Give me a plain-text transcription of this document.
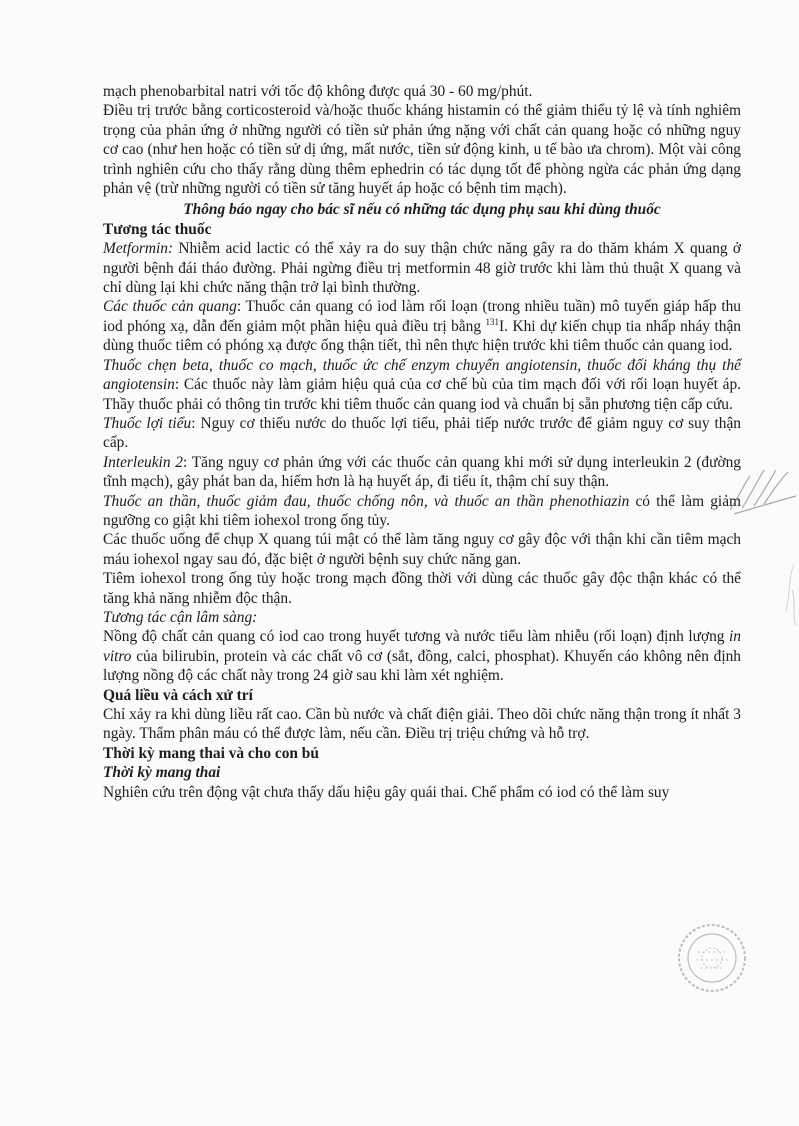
mạch phenobarbital natri với tốc độ không được quá 30 - 60 mg/phút.

Điều trị trước bằng corticosteroid và/hoặc thuốc kháng histamin có thể giảm thiểu tỷ lệ và tính nghiêm trọng của phản ứng ở những người có tiền sử phản ứng nặng với chất cản quang hoặc có những nguy cơ cao (như hen hoặc có tiền sử dị ứng, mất nước, tiền sử động kinh, u tế bào ưa chrom). Một vài công trình nghiên cứu cho thấy rằng dùng thêm ephedrin có tác dụng tốt để phòng ngừa các phản ứng dạng phản vệ (trừ những người có tiền sử tăng huyết áp hoặc có bệnh tim mạch).

Thông báo ngay cho bác sĩ nếu có những tác dụng phụ sau khi dùng thuốc

Tương tác thuốc

Metformin: Nhiễm acid lactic có thể xảy ra do suy thận chức năng gây ra do thăm khám X quang ở người bệnh đái tháo đường. Phải ngừng điều trị metformin 48 giờ trước khi làm thủ thuật X quang và chỉ dùng lại khi chức năng thận trở lại bình thường.

Các thuốc cản quang: Thuốc cản quang có iod làm rối loạn (trong nhiều tuần) mô tuyến giáp hấp thu iod phóng xạ, dẫn đến giảm một phần hiệu quả điều trị bằng $^{131}$I. Khi dự kiến chụp tia nhấp nháy thận dùng thuốc tiêm có phóng xạ được ống thận tiết, thì nên thực hiện trước khi tiêm thuốc cản quang iod.

Thuốc chẹn beta, thuốc co mạch, thuốc ức chế enzym chuyển angiotensin, thuốc đối kháng thụ thể angiotensin: Các thuốc này làm giảm hiệu quả của cơ chế bù của tim mạch đối với rối loạn huyết áp. Thầy thuốc phải có thông tin trước khi tiêm thuốc cản quang iod và chuẩn bị sẵn phương tiện cấp cứu.

Thuốc lợi tiểu: Nguy cơ thiếu nước do thuốc lợi tiểu, phải tiếp nước trước để giảm nguy cơ suy thận cấp.

Interleukin 2: Tăng nguy cơ phản ứng với các thuốc cản quang khi mới sử dụng interleukin 2 (đường tĩnh mạch), gây phát ban da, hiếm hơn là hạ huyết áp, đi tiểu ít, thậm chí suy thận.

Thuốc an thần, thuốc giảm đau, thuốc chống nôn, và thuốc an thần phenothiazin có thể làm giảm ngưỡng co giật khi tiêm iohexol trong ống tủy.

Các thuốc uống để chụp X quang túi mật có thể làm tăng nguy cơ gây độc với thận khi cần tiêm mạch máu iohexol ngay sau đó, đặc biệt ở người bệnh suy chức năng gan.

Tiêm iohexol trong ống tủy hoặc trong mạch đồng thời với dùng các thuốc gây độc thận khác có thể tăng khả năng nhiễm độc thận.

Tương tác cận lâm sàng:

Nồng độ chất cản quang có iod cao trong huyết tương và nước tiểu làm nhiễu (rối loạn) định lượng in vitro của bilirubin, protein và các chất vô cơ (sắt, đồng, calci, phosphat). Khuyến cáo không nên định lượng nồng độ các chất này trong 24 giờ sau khi làm xét nghiệm.

Quá liều và cách xử trí

Chỉ xảy ra khi dùng liều rất cao. Cần bù nước và chất điện giải. Theo dõi chức năng thận trong ít nhất 3 ngày. Thẩm phân máu có thể được làm, nếu cần. Điều trị triệu chứng và hỗ trợ.

Thời kỳ mang thai và cho con bú

Thời kỳ mang thai

Nghiên cứu trên động vật chưa thấy dấu hiệu gây quái thai. Chế phẩm có iod có thể làm suy
